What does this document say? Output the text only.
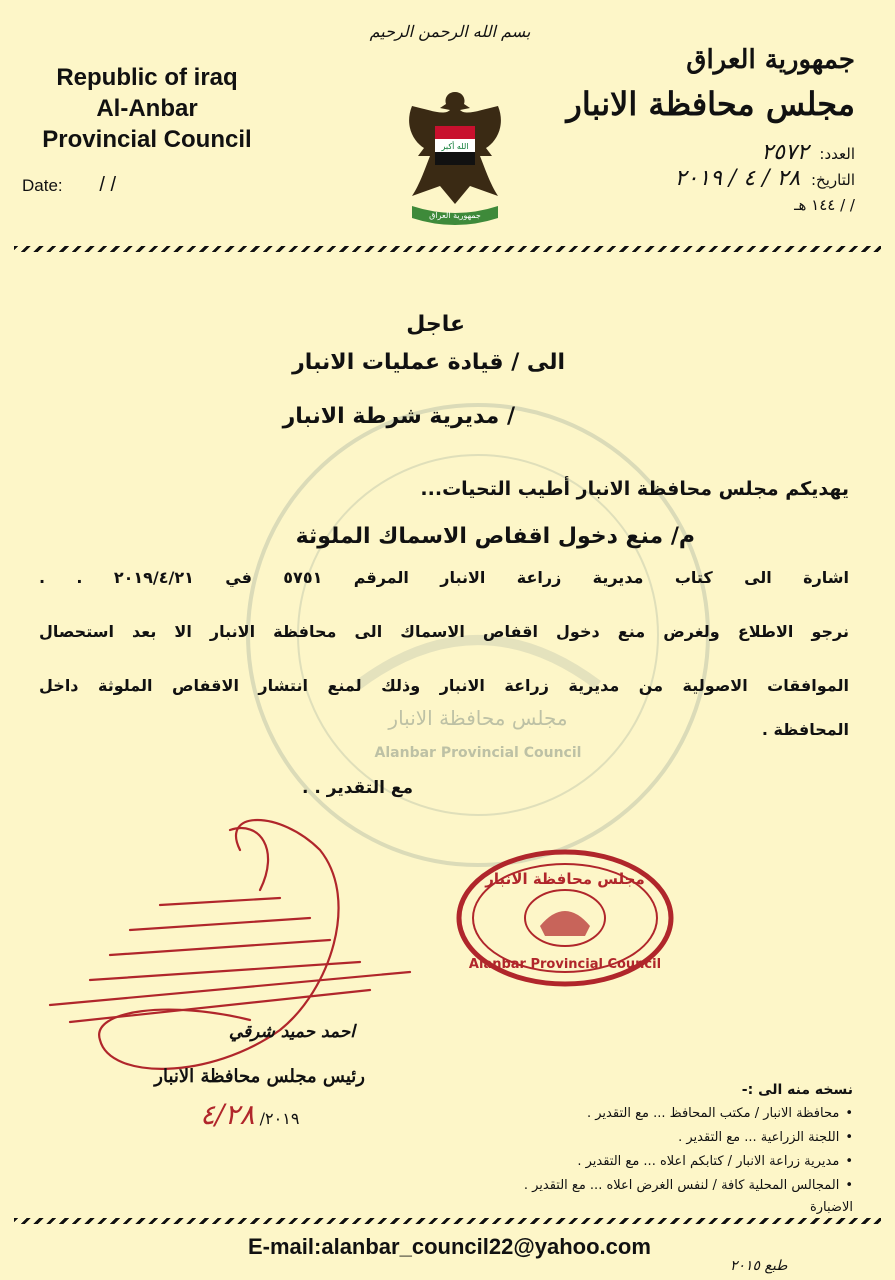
Republic of iraq
Al-Anbar
Provincial Council
Date: / /
بسم الله الرحمن الرحيم
الله أكبر
جمهورية العراق
جمهورية العراق
مجلس محافظة الانبار
العدد: ٢٥٧٢
التاريخ: ٢٨ / ٤ / ٢٠١٩
/ / ١٤٤ هـ
مجلس محافظة الانبار
Alanbar Provincial Council
عاجل
الى / قيادة عمليات الانبار
/ مديرية شرطة الانبار
يهديكم مجلس محافظة الانبار أطيب التحيات...
م/ منع دخول اقفاص الاسماك الملوثة
اشارة الى كتاب مديرية زراعة الانبار المرقم ٥٧٥١ في ٢٠١٩/٤/٢١ . .
نرجو الاطلاع ولغرض منع دخول اقفاص الاسماك الى محافظة الانبار الا بعد استحصال
الموافقات الاصولية من مديرية زراعة الانبار وذلك لمنع انتشار الاقفاص الملوثة داخل
المحافظة .
مع التقدير . .
مجلس محافظة الانبار
Alanbar Provincial Council
احمد حميد شرقي
رئيس مجلس محافظة الانبار
٢٠١٩/ ٤/٢٨
نسخه منه الى :-
• محافظة الانبار / مكتب المحافظ ... مع التقدير .
• اللجنة الزراعية ... مع التقدير .
• مديرية زراعة الانبار / كتابكم اعلاه ... مع التقدير .
• المجالس المحلية كافة / لنفس الغرض اعلاه ... مع التقدير .
الاضبارة
E-mail:alanbar_council22@yahoo.com
طبع ٢٠١٥
